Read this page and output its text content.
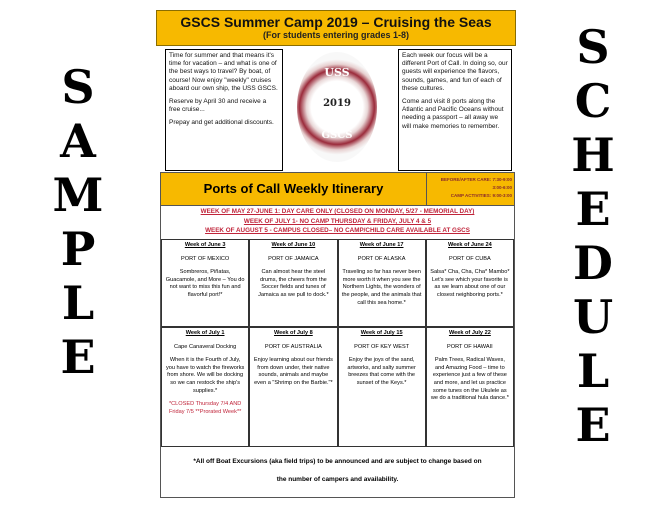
GSCS Summer Camp 2019 – Cruising the Seas
(For students entering grades 1-8)
Time for summer and that means it's time for vacation – and what is one of the best ways to travel? By boat, of course! Now enjoy "weekly" cruises aboard our own ship, the USS GSCS.
Reserve by April 30 and receive a free cruise...
Prepay and get additional discounts.
USS
2019
GSCS
Each week our focus will be a different Port of Call. In doing so, our guests will experience the flavors, sounds, games, and fun of each of these cultures.
Come and visit 8 ports along the Atlantic and Pacific Oceans without needing a passport – all away we will make memories to remember.
SAMPLE	SCHEDULE
Ports of Call Weekly Itinerary
BEFORE/AFTER CARE: 7:30-9:00
3:00-6:00
CAMP ACTIVITIES: 9:00-3:00
WEEK OF MAY 27-JUNE 1: DAY CARE ONLY (CLOSED ON MONDAY, 5/27 - MEMORIAL DAY)
WEEK OF JULY 1- NO CAMP THURSDAY & FRIDAY, JULY 4 & 5
WEEK OF AUGUST 5 - CAMPUS CLOSED– NO CAMP/CHILD CARE AVAILABLE AT GSCS
Week of June 3
PORT OF MEXICO
Sombreros, Piñatas, Guacamole, and More – You do not want to miss this fun and flavorful port!*
Week of June 10
PORT OF JAMAICA
Can almost hear the steel drums, the cheers from the Soccer fields and tunes of Jamaica as we pull to dock.*
Week of June 17
PORT OF ALASKA
Traveling so far has never been more worth it when you see the Northern Lights, the wonders of the people, and the animals that call this sea home.*
Week of June 24
PORT OF CUBA
Salsa* Cha, Cha, Cha* Mambo* Let's see which your favorite is as we learn about one of our closest neighboring ports.*
Week of July 1
Cape Canaveral Docking
When it is the Fourth of July, you have to watch the fireworks from shore. We will be docking so we can restock the ship's supplies.*
*CLOSED Thursday 7/4 AND Friday 7/5 **Prorated Week**
Week of July 8
PORT OF AUSTRALIA
Enjoy learning about our friends from down under, their native sounds, animals and maybe even a "Shrimp on the Barbie."*
Week of July 15
PORT OF KEY WEST
Enjoy the joys of the sand, artworks, and salty summer breezes that come with the sunset of the Keys.*
Week of July 22
PORT OF HAWAII
Palm Trees, Radical Waves, and Amazing Food – time to experience just a few of these and more, and let us practice some tunes on the Ukulele as we do a traditional hula dance.*
*All off Boat Excursions (aka field trips) to be announced and are subject to change based on
the number of campers and availability.
